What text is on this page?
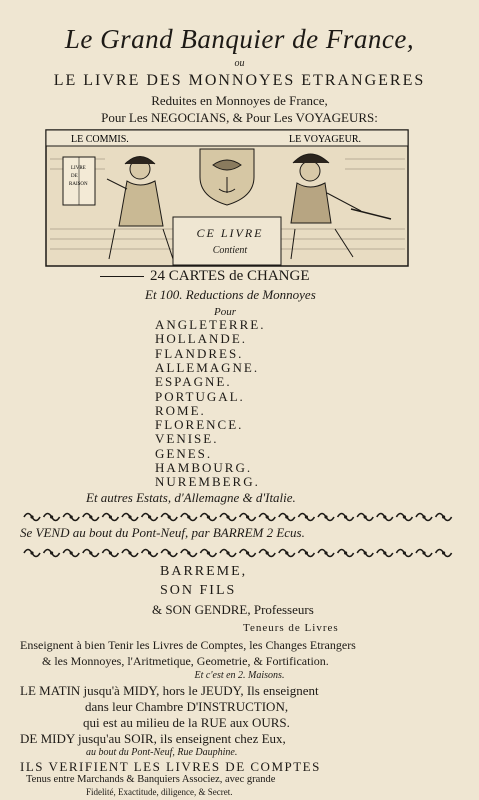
Le Grand Banquier de France,
ou
LE LIVRE DES MONNOYES ETRANGERES
Reduites en Monnoyes de France,
Pour Les NEGOCIANS, & Pour Les VOYAGEURS:
LIVRE
DE
RAISON
LE COMMIS.	LE VOYAGEUR.
CE LIVRE
Contient
24 CARTES de CHANGE
Et 100. Reductions de Monnoyes
Pour
ANGLETERRE.
HOLLANDE.
FLANDRES.
ALLEMAGNE.
ESPAGNE.
PORTUGAL.
ROME.
FLORENCE.
VENISE.
Et autres Estats, d'Allemagne & d'Italie.
Se VEND au bout du Pont-Neuf, par BARREM 2 Ecus.
BARREME,
SON FILS
& SON GENDRE, Professeurs
Teneurs de Livres
Enseignent à bien Tenir les Livres de Comptes, les Changes Etrangers
& les Monnoyes, l'Aritmetique, Geometrie, & Fortification.
Et c'est en 2. Maisons.
LE MATIN jusqu'à MIDY, hors le JEUDY, Ils enseignent
dans leur Chambre D'INSTRUCTION,
qui est au milieu de la RUE aux OURS.
DE MIDY jusqu'au SOIR, ils enseignent chez Eux,
au bout du Pont-Neuf, Rue Dauphine.
ILS VERIFIENT LES LIVRES DE COMPTES
Tenus entre Marchands & Banquiers Associez, avec grande
GENES.
HAMBOURG.
NUREMBERG.
Fidelité, Exactitude, diligence, & Secret.
